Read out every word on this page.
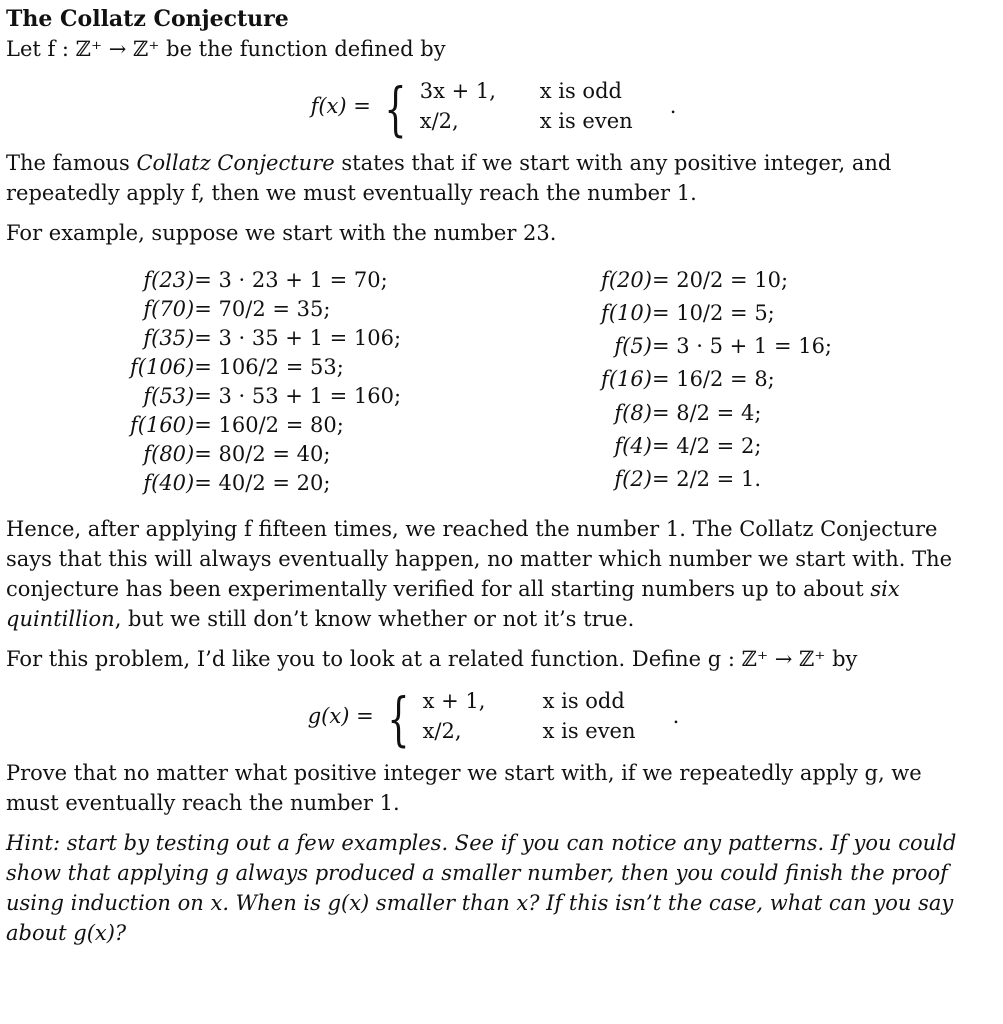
The Collatz Conjecture

Let f : ℤ⁺ → ℤ⁺ be the function defined by

f(x) = { 3x + 1,	x is odd
x/2,	x is even
.

The famous Collatz Conjecture states that if we start with any positive integer, and repeatedly apply f, then we must eventually reach the number 1.

For example, suppose we start with the number 23.

f(23) = 3 · 23 + 1 = 70;
f(70) = 70/2 = 35;
f(35) = 3 · 35 + 1 = 106;
f(106) = 106/2 = 53;
f(53) = 3 · 53 + 1 = 160;
f(160) = 160/2 = 80;
f(80) = 80/2 = 40;
f(40) = 40/2 = 20;
f(20) = 20/2 = 10;
f(10) = 10/2 = 5;
f(5) = 3 · 5 + 1 = 16;
f(16) = 16/2 = 8;
f(8) = 8/2 = 4;
f(4) = 4/2 = 2;
f(2) = 2/2 = 1.

Hence, after applying f fifteen times, we reached the number 1. The Collatz Conjecture says that this will always eventually happen, no matter which number we start with. The conjecture has been experimentally verified for all starting numbers up to about six quintillion, but we still don’t know whether or not it’s true.

For this problem, I’d like you to look at a related function. Define g : ℤ⁺ → ℤ⁺ by

g(x) = { x + 1,	x is odd
x/2,	x is even
.

Prove that no matter what positive integer we start with, if we repeatedly apply g, we must eventually reach the number 1.

Hint: start by testing out a few examples. See if you can notice any patterns. If you could show that applying g always produced a smaller number, then you could finish the proof using induction on x. When is g(x) smaller than x? If this isn’t the case, what can you say about g(x)?
